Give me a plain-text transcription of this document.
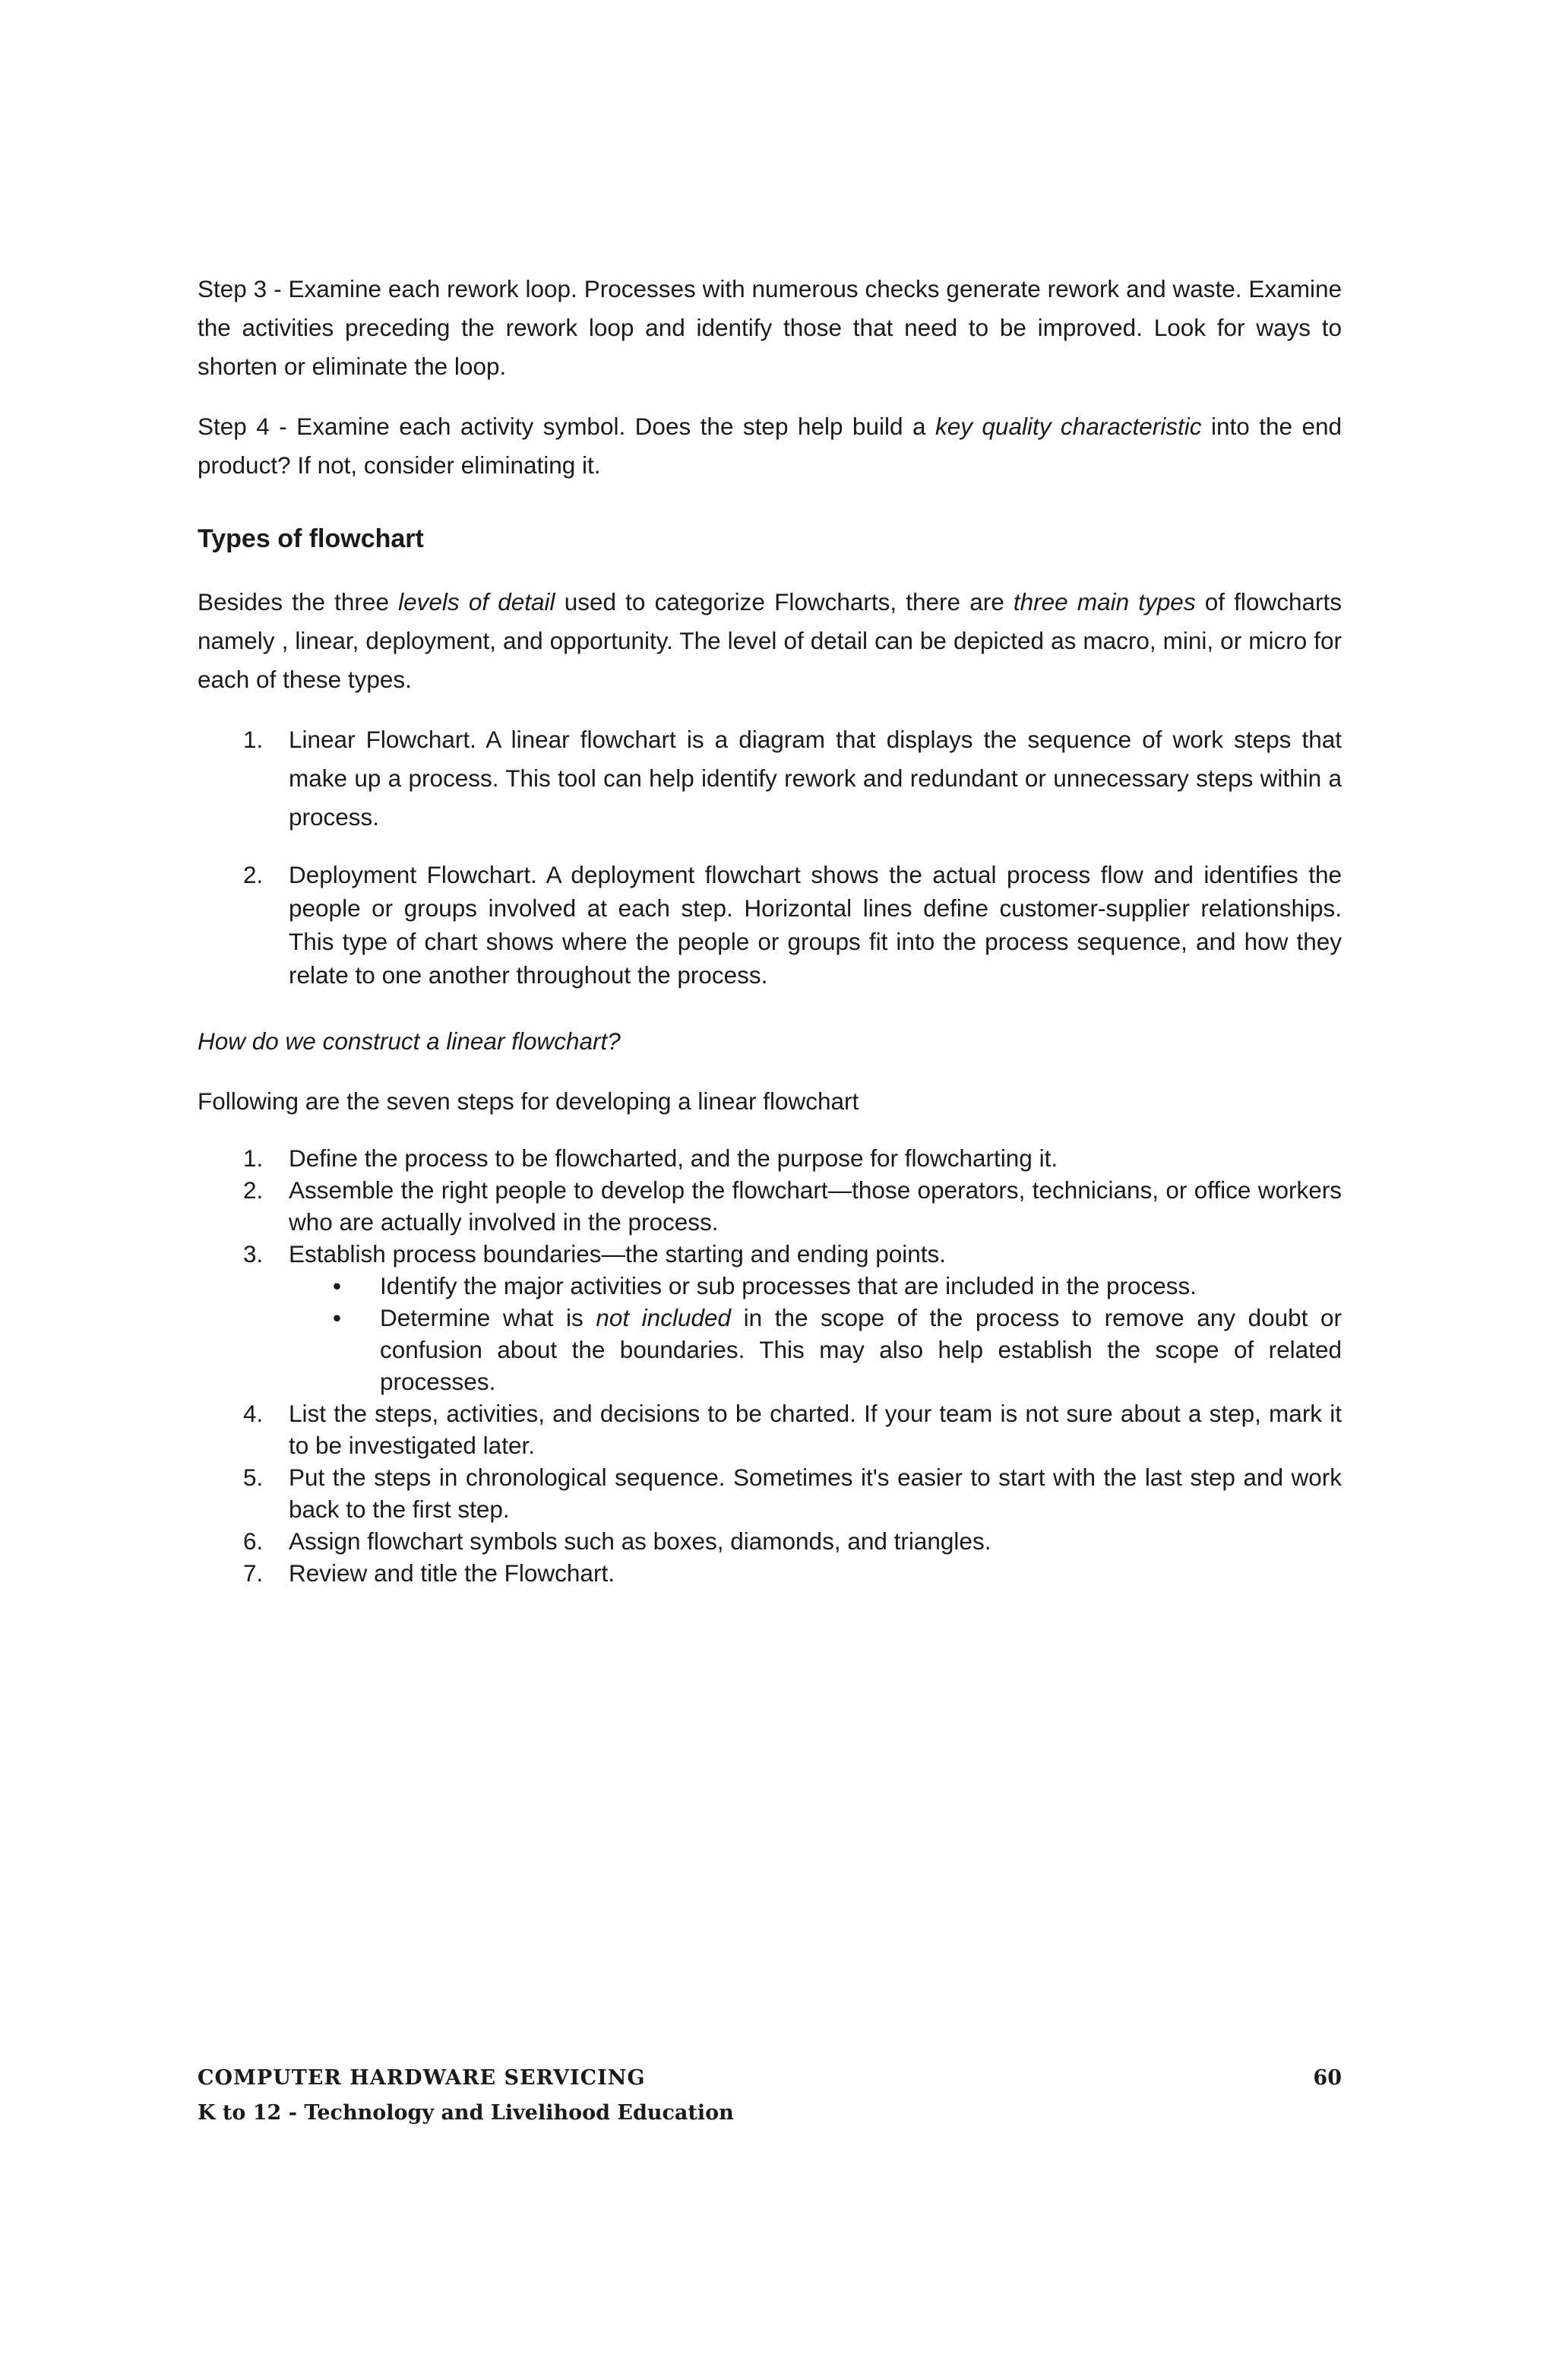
Step 3 - Examine each rework loop. Processes with numerous checks generate rework and waste. Examine the activities preceding the rework loop and identify those that need to be improved. Look for ways to shorten or eliminate the loop.

Step 4 - Examine each activity symbol. Does the step help build a key quality characteristic into the end product? If not, consider eliminating it.

Types of flowchart

Besides the three levels of detail used to categorize Flowcharts, there are three main types of flowcharts namely , linear, deployment, and opportunity. The level of detail can be depicted as macro, mini, or micro for each of these types.

1. Linear Flowchart. A linear flowchart is a diagram that displays the sequence of work steps that make up a process. This tool can help identify rework and redundant or unnecessary steps within a process.
2. Deployment Flowchart. A deployment flowchart shows the actual process flow and identifies the people or groups involved at each step. Horizontal lines define customer-supplier relationships. This type of chart shows where the people or groups fit into the process sequence, and how they relate to one another throughout the process.

How do we construct a linear flowchart?

Following are the seven steps for developing a linear flowchart

1. Define the process to be flowcharted, and the purpose for flowcharting it.
2. Assemble the right people to develop the flowchart—those operators, technicians, or office workers who are actually involved in the process.
3. Establish process boundaries—the starting and ending points.
• Identify the major activities or sub processes that are included in the process.
• Determine what is not included in the scope of the process to remove any doubt or confusion about the boundaries. This may also help establish the scope of related processes.
4. List the steps, activities, and decisions to be charted. If your team is not sure about a step, mark it to be investigated later.
5. Put the steps in chronological sequence. Sometimes it's easier to start with the last step and work back to the first step.
6. Assign flowchart symbols such as boxes, diamonds, and triangles.
7. Review and title the Flowchart.
COMPUTER HARDWARE SERVICING
K to 12 - Technology and Livelihood Education
60
